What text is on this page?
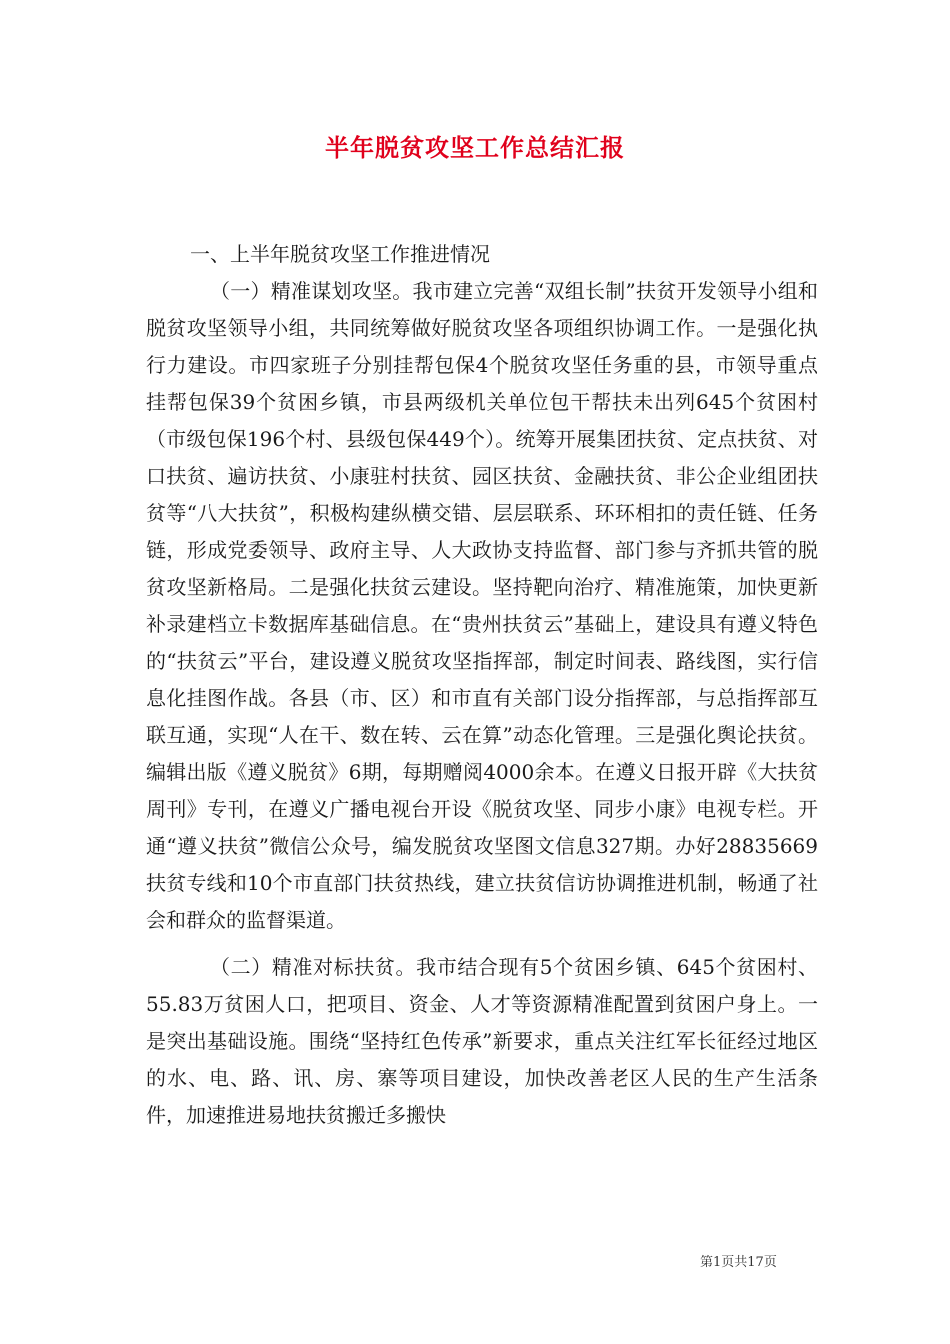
半年脱贫攻坚工作总结汇报

一、上半年脱贫攻坚工作推进情况

（一）精准谋划攻坚。我市建立完善“双组长制”扶贫开发领导小组和脱贫攻坚领导小组，共同统筹做好脱贫攻坚各项组织协调工作。一是强化执行力建设。市四家班子分别挂帮包保4个脱贫攻坚任务重的县，市领导重点挂帮包保39个贫困乡镇，市县两级机关单位包干帮扶未出列645个贫困村（市级包保196个村、县级包保449个）。统筹开展集团扶贫、定点扶贫、对口扶贫、遍访扶贫、小康驻村扶贫、园区扶贫、金融扶贫、非公企业组团扶贫等“八大扶贫”，积极构建纵横交错、层层联系、环环相扣的责任链、任务链，形成党委领导、政府主导、人大政协支持监督、部门参与齐抓共管的脱贫攻坚新格局。二是强化扶贫云建设。坚持靶向治疗、精准施策，加快更新补录建档立卡数据库基础信息。在“贵州扶贫云”基础上，建设具有遵义特色的“扶贫云”平台，建设遵义脱贫攻坚指挥部，制定时间表、路线图，实行信息化挂图作战。各县（市、区）和市直有关部门设分指挥部，与总指挥部互联互通，实现“人在干、数在转、云在算”动态化管理。三是强化舆论扶贫。编辑出版《遵义脱贫》6期，每期赠阅4000余本。在遵义日报开辟《大扶贫周刊》专刊，在遵义广播电视台开设《脱贫攻坚、同步小康》电视专栏。开通“遵义扶贫”微信公众号，编发脱贫攻坚图文信息327期。办好28835669扶贫专线和10个市直部门扶贫热线，建立扶贫信访协调推进机制，畅通了社会和群众的监督渠道。

（二）精准对标扶贫。我市结合现有5个贫困乡镇、645个贫困村、55.83万贫困人口，把项目、资金、人才等资源精准配置到贫困户身上。一是突出基础设施。围绕“坚持红色传承”新要求，重点关注红军长征经过地区的水、电、路、讯、房、寨等项目建设，加快改善老区人民的生产生活条件，加速推进易地扶贫搬迁多搬快

第1页共17页
